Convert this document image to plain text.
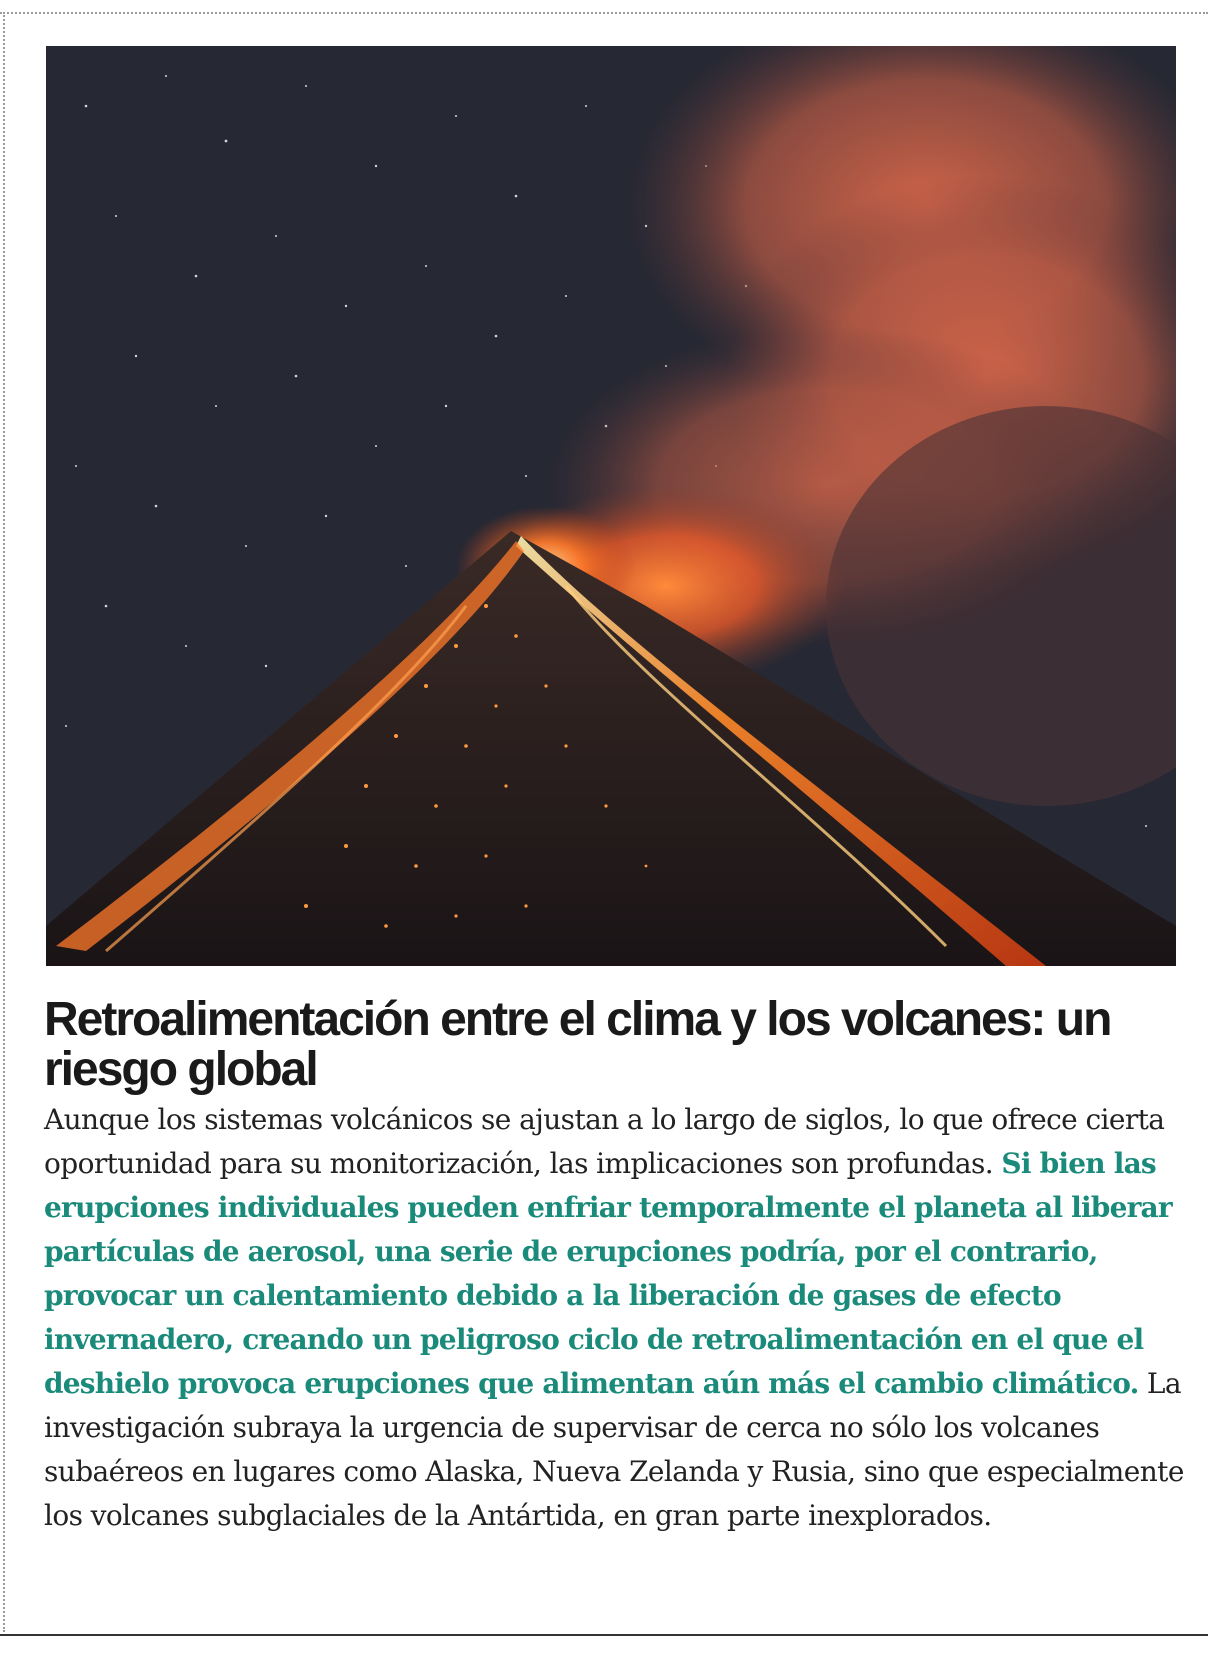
Retroalimentación entre el clima y los volcanes: un riesgo global

Aunque los sistemas volcánicos se ajustan a lo largo de siglos, lo que ofrece cierta oportunidad para su monitorización, las implicaciones son profundas. Si bien las erupciones individuales pueden enfriar temporalmente el planeta al liberar partículas de aerosol, una serie de erupciones podría, por el contrario, provocar un calentamiento debido a la liberación de gases de efecto invernadero, creando un peligroso ciclo de retroalimentación en el que el deshielo provoca erupciones que alimentan aún más el cambio climático. La investigación subraya la urgencia de supervisar de cerca no sólo los volcanes subaéreos en lugares como Alaska, Nueva Zelanda y Rusia, sino que especialmente los volcanes subglaciales de la Antártida, en gran parte inexplorados.
